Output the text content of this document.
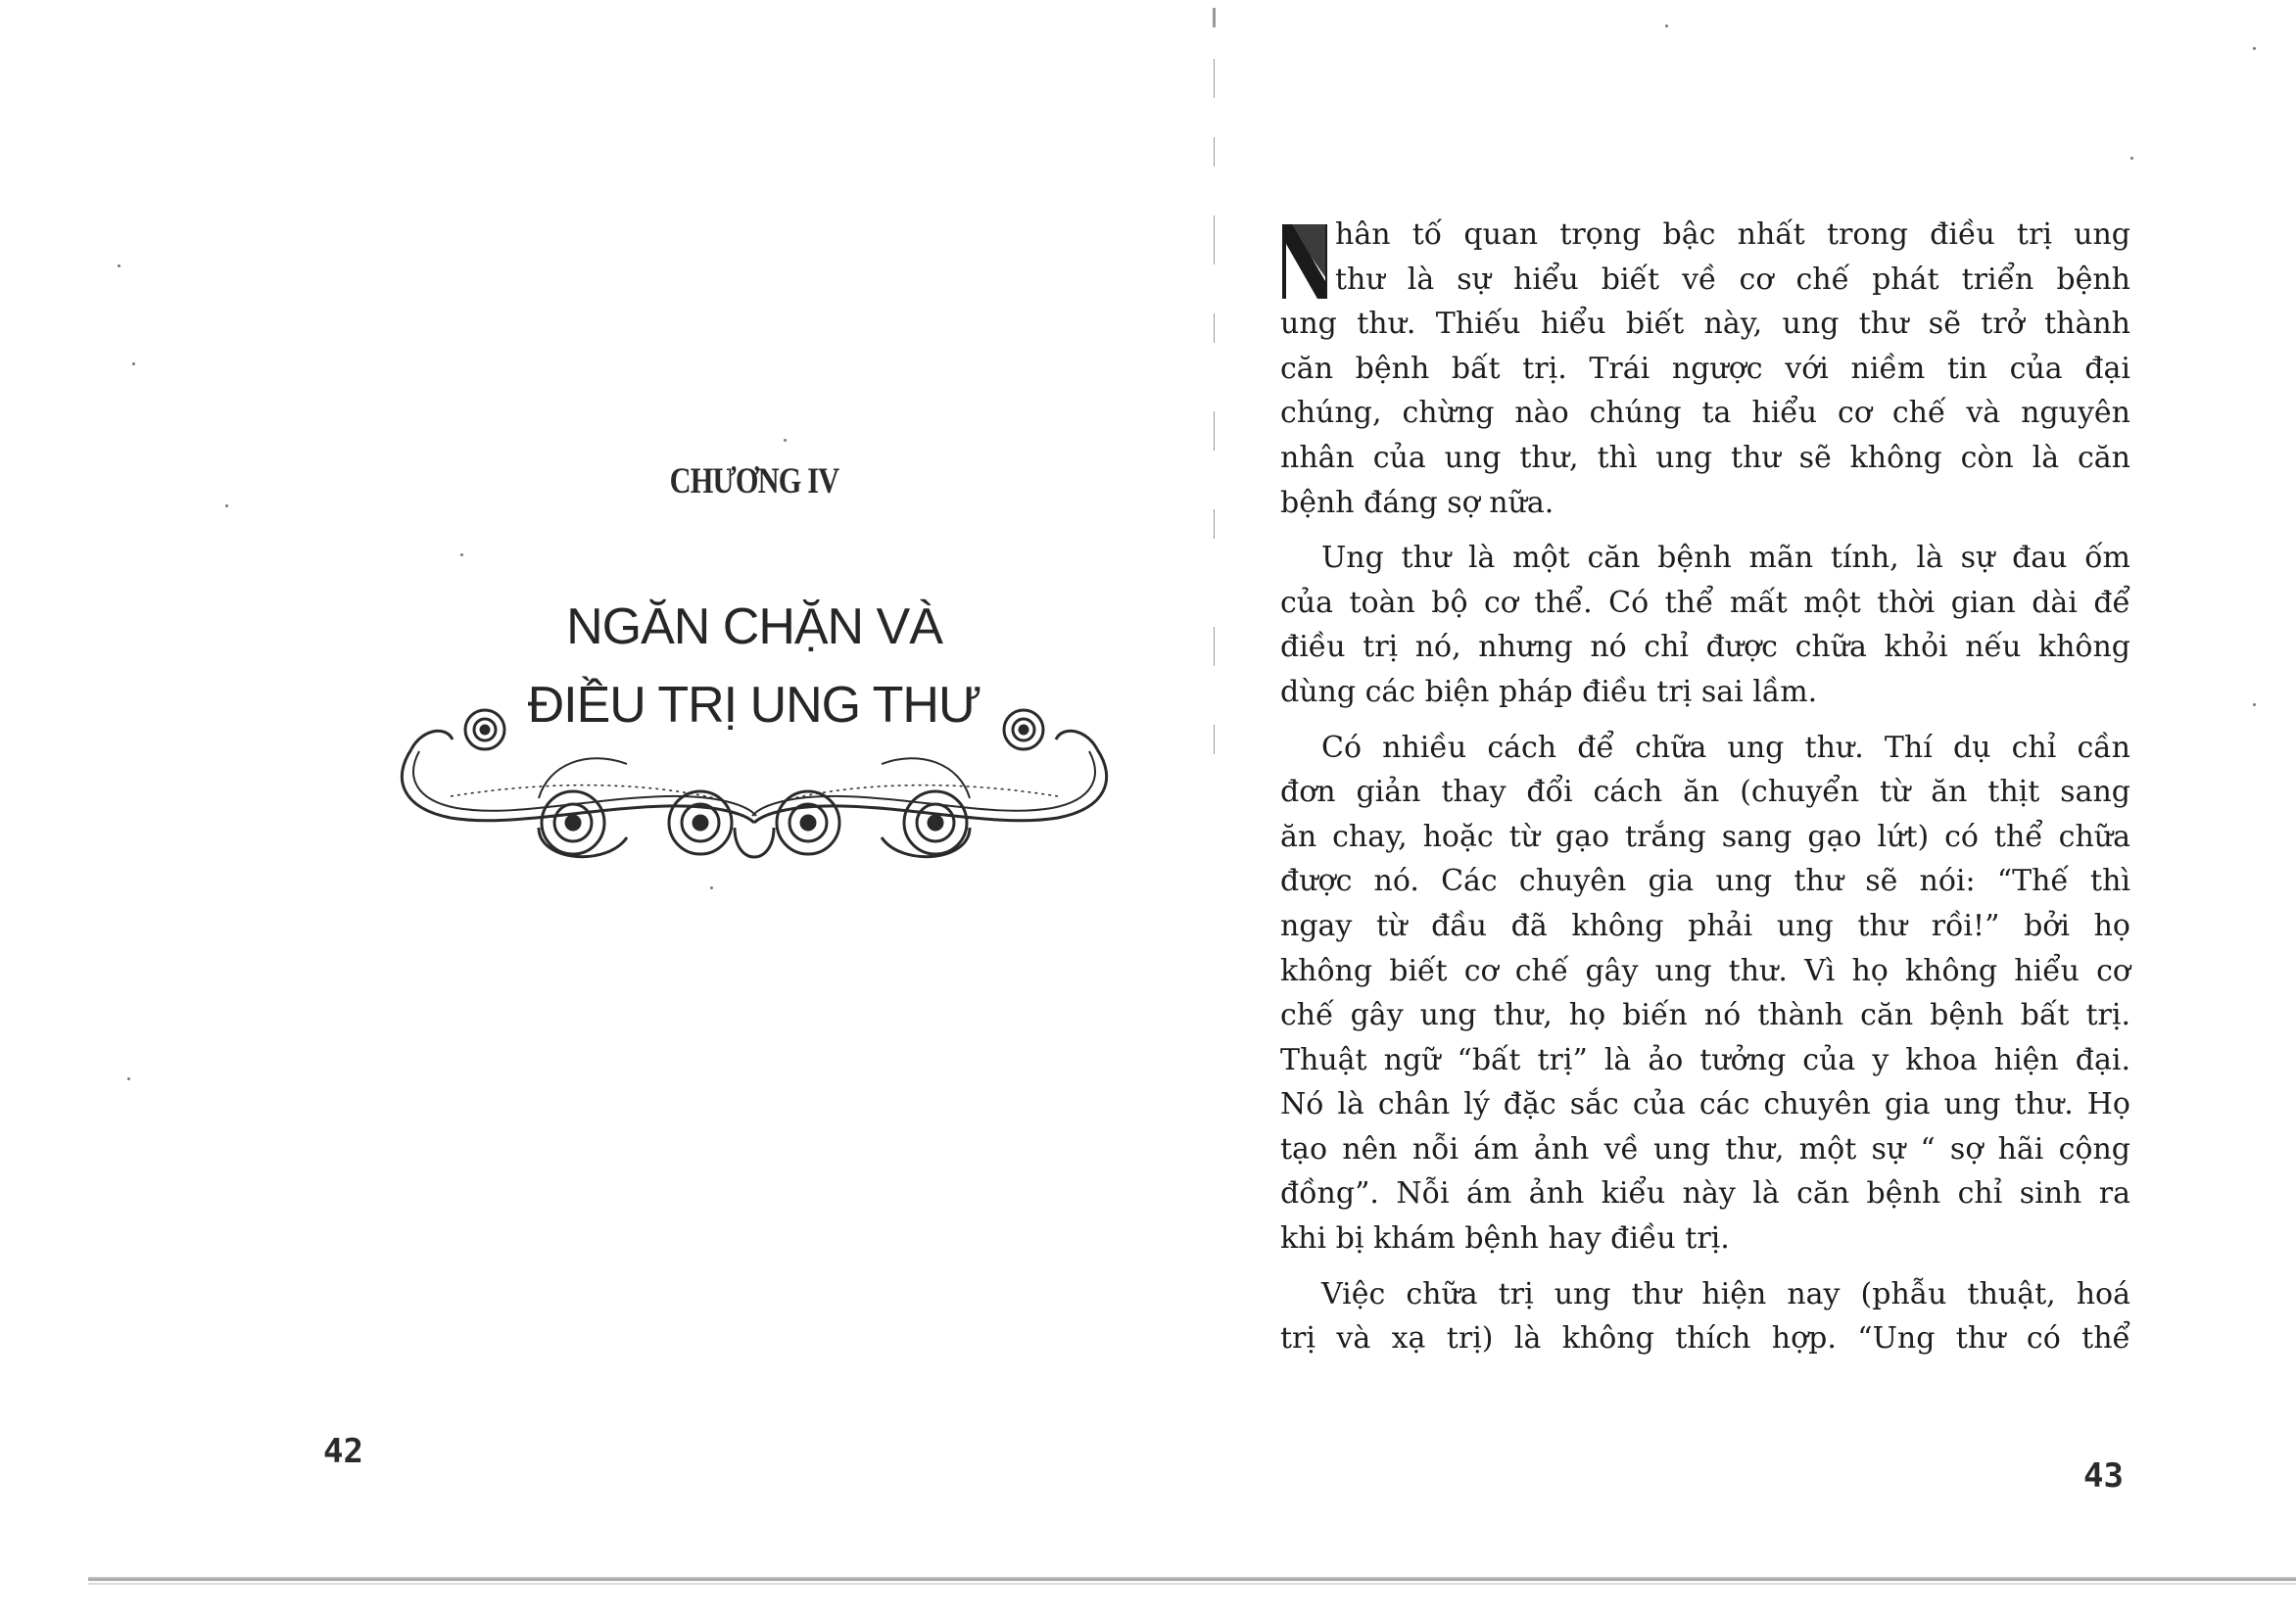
CHƯƠNG IV
NGĂN CHẶN VÀ
ĐIỀU TRỊ UNG THƯ
42
hân tố quan trọng bậc nhất trong điều trị ung
thư là sự hiểu biết về cơ chế phát triển bệnh
ung thư. Thiếu hiểu biết này, ung thư sẽ trở thành
căn bệnh bất trị. Trái ngược với niềm tin của đại
chúng, chừng nào chúng ta hiểu cơ chế và nguyên
nhân của ung thư, thì ung thư sẽ không còn là căn
bệnh đáng sợ nữa.
Ung thư là một căn bệnh mãn tính, là sự đau ốm
của toàn bộ cơ thể. Có thể mất một thời gian dài để
điều trị nó, nhưng nó chỉ được chữa khỏi nếu không
dùng các biện pháp điều trị sai lầm.
Có nhiều cách để chữa ung thư. Thí dụ chỉ cần
đơn giản thay đổi cách ăn (chuyển từ ăn thịt sang
ăn chay, hoặc từ gạo trắng sang gạo lứt) có thể chữa
được nó. Các chuyên gia ung thư sẽ nói: “Thế thì
ngay từ đầu đã không phải ung thư rồi!” bởi họ
không biết cơ chế gây ung thư. Vì họ không hiểu cơ
chế gây ung thư, họ biến nó thành căn bệnh bất trị.
Thuật ngữ “bất trị” là ảo tưởng của y khoa hiện đại.
Nó là chân lý đặc sắc của các chuyên gia ung thư. Họ
tạo nên nỗi ám ảnh về ung thư, một sự “ sợ hãi cộng
đồng”. Nỗi ám ảnh kiểu này là căn bệnh chỉ sinh ra
khi bị khám bệnh hay điều trị.
Việc chữa trị ung thư hiện nay (phẫu thuật, hoá
trị và xạ trị) là không thích hợp. “Ung thư có thể
43
